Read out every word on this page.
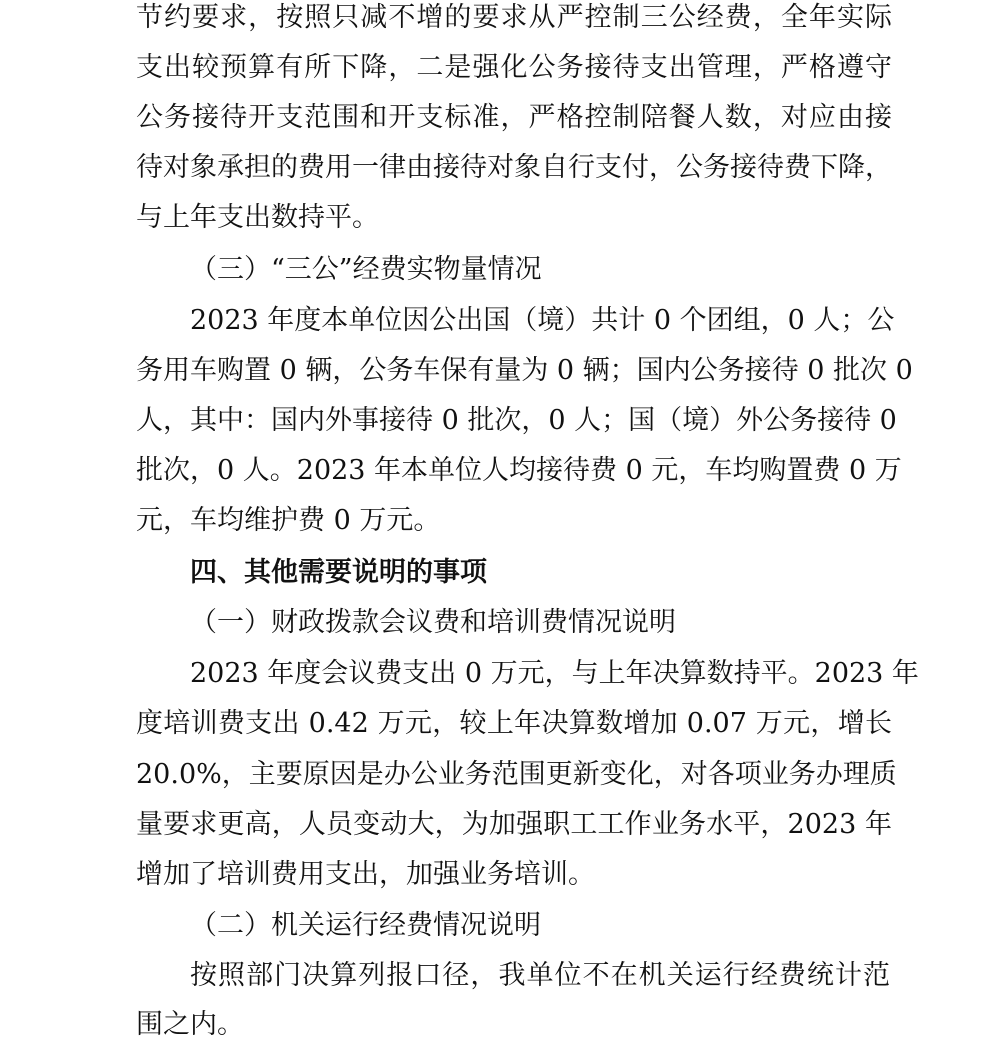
节约要求，按照只减不增的要求从严控制三公经费，全年实际
支出较预算有所下降，二是强化公务接待支出管理，严格遵守
公务接待开支范围和开支标准，严格控制陪餐人数，对应由接
待对象承担的费用一律由接待对象自行支付，公务接待费下降，
与上年支出数持平。
（三）“三公”经费实物量情况
2023 年度本单位因公出国（境）共计 0 个团组，0 人；公
务用车购置 0 辆，公务车保有量为 0 辆；国内公务接待 0 批次 0
人，其中：国内外事接待 0 批次，0 人；国（境）外公务接待 0
批次，0 人。2023 年本单位人均接待费 0 元，车均购置费 0 万
元，车均维护费 0 万元。
四、其他需要说明的事项
（一）财政拨款会议费和培训费情况说明
2023 年度会议费支出 0 万元，与上年决算数持平。2023 年
度培训费支出 0.42 万元，较上年决算数增加 0.07 万元，增长
20.0%，主要原因是办公业务范围更新变化，对各项业务办理质
量要求更高，人员变动大，为加强职工工作业务水平，2023 年
增加了培训费用支出，加强业务培训。
（二）机关运行经费情况说明
按照部门决算列报口径，我单位不在机关运行经费统计范
围之内。
